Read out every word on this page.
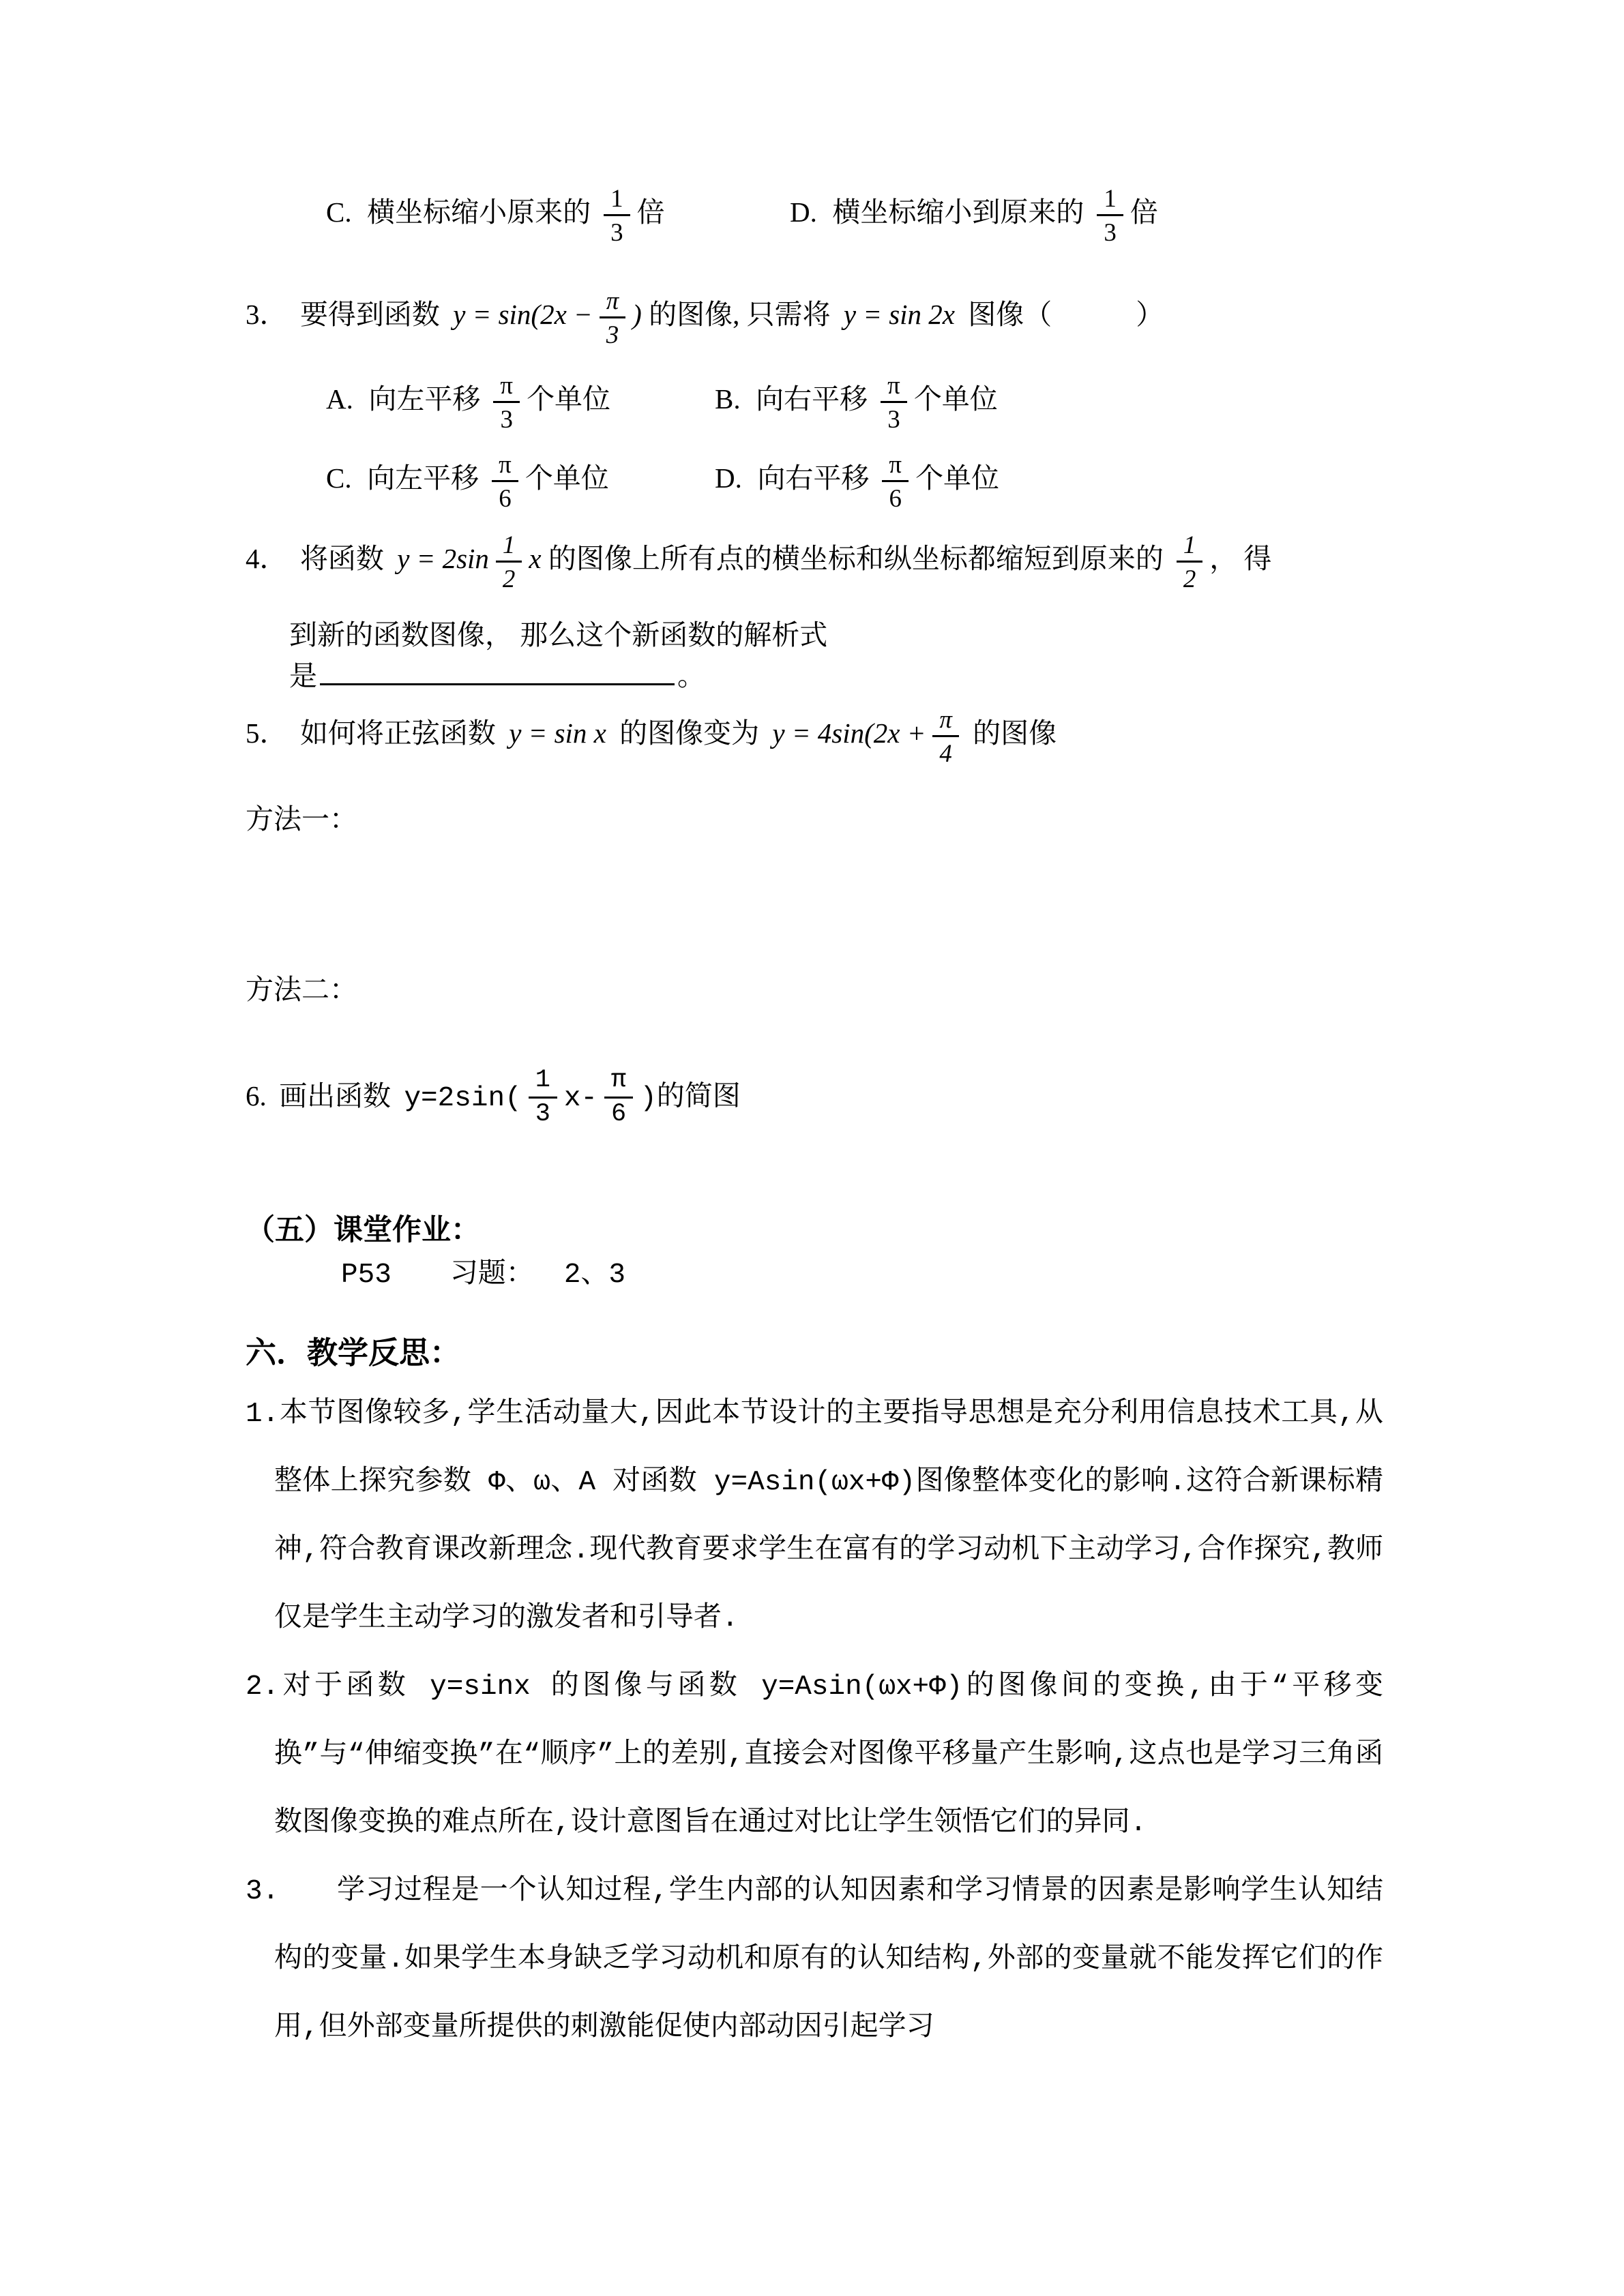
C. 横坐标缩小原来的 $\frac{1}{3}$ 倍	D. 横坐标缩小到原来的 $\frac{1}{3}$ 倍
3． 要得到函数 $y = \sin(2x - \frac{\pi}{3}$ ) 的图像, 只需将 y = sin 2x 图像（　　　）
A. 向左平移 $\frac{\pi}{3}$ 个单位	B. 向右平移 $\frac{\pi}{3}$ 个单位
C. 向左平移 $\frac{\pi}{6}$ 个单位	D. 向右平移 $\frac{\pi}{6}$ 个单位
4． 将函数 $y = 2\sin \frac{1}{2}$ x 的图像上所有点的横坐标和纵坐标都缩短到原来的 $\frac{1}{2}$ ， 得
到新的函数图像， 那么这个新函数的解析式
是	。
5． 如何将正弦函数 y = sin x 的图像变为 $y = 4\sin(2x + \frac{\pi}{4}$ 的图像
方法一：
方法二：
6. 画出函数 $y=2\sin( \frac{1}{3} x- \frac{\pi}{6}$ )的简图
（五）课堂作业：
P53 习题： 2、3
六．教学反思：

1.本节图像较多,学生活动量大,因此本节设计的主要指导思想是充分利用信息技术工具,从整体上探究参数 Φ、ω、A 对函数 y=Asin(ωx+Φ)图像整体变化的影响.这符合新课标精神,符合教育课改新理念.现代教育要求学生在富有的学习动机下主动学习,合作探究,教师仅是学生主动学习的激发者和引导者.

2.对于函数 y=sinx 的图像与函数 y=Asin(ωx+Φ)的图像间的变换,由于“平移变换”与“伸缩变换”在“顺序”上的差别,直接会对图像平移量产生影响,这点也是学习三角函数图像变换的难点所在,设计意图旨在通过对比让学生领悟它们的异同.

3.　　学习过程是一个认知过程,学生内部的认知因素和学习情景的因素是影响学生认知结构的变量.如果学生本身缺乏学习动机和原有的认知结构,外部的变量就不能发挥它们的作用,但外部变量所提供的刺激能促使内部动因引起学习
